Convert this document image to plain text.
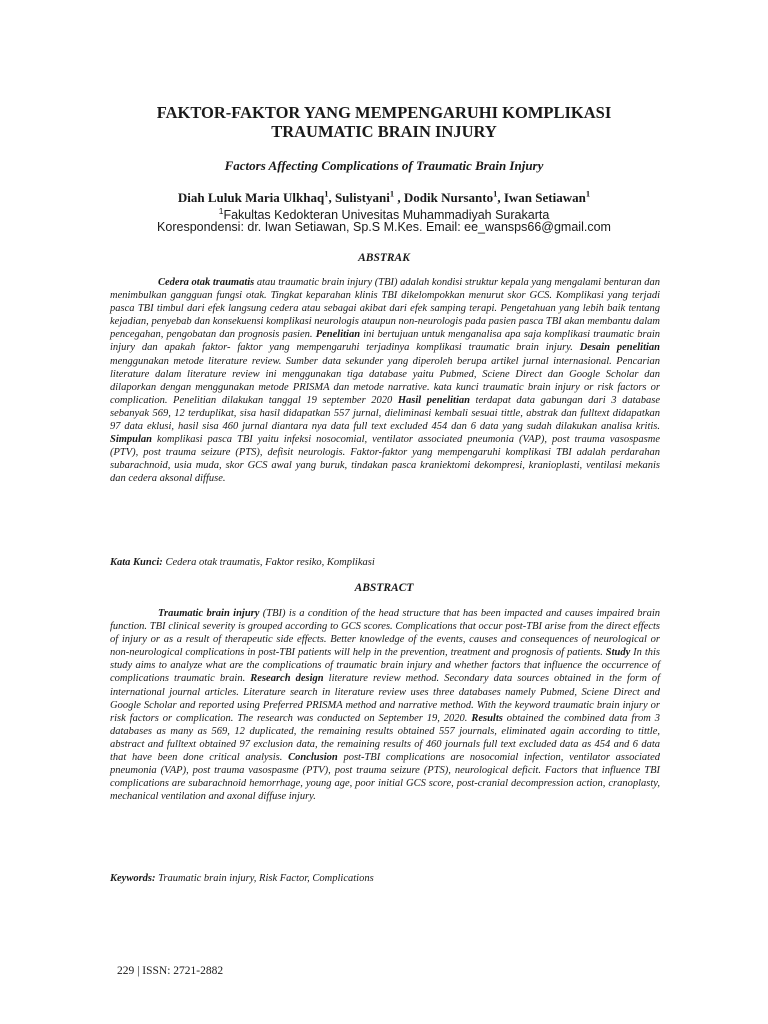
FAKTOR-FAKTOR YANG MEMPENGARUHI KOMPLIKASI
TRAUMATIC BRAIN INJURY

Factors Affecting Complications of Traumatic Brain Injury

Diah Luluk Maria Ulkhaq$^1$, Sulistyani$^1$ , Dodik Nursanto$^1$, Iwan Setiawan$^1$

$^1$Fakultas Kedokteran Univesitas Muhammadiyah Surakarta

Korespondensi: dr. Iwan Setiawan, Sp.S M.Kes. Email: ee_wansps66@gmail.com

ABSTRAK

Cedera otak traumatis atau traumatic brain injury (TBI) adalah kondisi struktur kepala yang mengalami benturan dan menimbulkan gangguan fungsi otak. Tingkat keparahan klinis TBI dikelompokkan menurut skor GCS. Komplikasi yang terjadi pasca TBI timbul dari efek langsung cedera atau sebagai akibat dari efek samping terapi. Pengetahuan yang lebih baik tentang kejadian, penyebab dan konsekuensi komplikasi neurologis ataupun non-neurologis pada pasien pasca TBI akan membantu dalam pencegahan, pengobatan dan prognosis pasien. Penelitian ini bertujuan untuk menganalisa apa saja komplikasi traumatic brain injury dan apakah faktor- faktor yang mempengaruhi terjadinya komplikasi traumatic brain injury. Desain penelitian menggunakan metode literature review. Sumber data sekunder yang diperoleh berupa artikel jurnal internasional. Pencarian literature dalam literature review ini menggunakan tiga database yaitu Pubmed, Sciene Direct dan Google Scholar dan dilaporkan dengan menggunakan metode PRISMA dan metode narrative. kata kunci traumatic brain injury or risk factors or complication. Penelitian dilakukan tanggal 19 september 2020 Hasil penelitian terdapat data gabungan dari 3 database sebanyak 569, 12 terduplikat, sisa hasil didapatkan 557 jurnal, dieliminasi kembali sesuai tittle, abstrak dan fulltext didapatkan 97 data eklusi, hasil sisa 460 jurnal diantara nya data full text excluded 454 dan 6 data yang sudah dilakukan analisa kritis. Simpulan komplikasi pasca TBI yaitu infeksi nosocomial, ventilator associated pneumonia (VAP), post trauma vasospasme (PTV), post trauma seizure (PTS), defisit neurologis. Faktor-faktor yang mempengaruhi komplikasi TBI adalah perdarahan subarachnoid, usia muda, skor GCS awal yang buruk, tindakan pasca kraniektomi dekompresi, kranioplasti, ventilasi mekanis dan cedera aksonal diffuse.

Kata Kunci: Cedera otak traumatis, Faktor resiko, Komplikasi

ABSTRACT

Traumatic brain injury (TBI) is a condition of the head structure that has been impacted and causes impaired brain function. TBI clinical severity is grouped according to GCS scores. Complications that occur post-TBI arise from the direct effects of injury or as a result of therapeutic side effects. Better knowledge of the events, causes and consequences of neurological or non-neurological complications in post-TBI patients will help in the prevention, treatment and prognosis of patients. Study In this study aims to analyze what are the complications of traumatic brain injury and whether factors that influence the occurrence of complications traumatic brain. Research design literature review method. Secondary data sources obtained in the form of international journal articles. Literature search in literature review uses three databases namely Pubmed, Sciene Direct and Google Scholar and reported using Preferred PRISMA method and narrative method. With the keyword traumatic brain injury or risk factors or complication. The research was conducted on September 19, 2020. Results obtained the combined data from 3 databases as many as 569, 12 duplicated, the remaining results obtained 557 journals, eliminated again according to tittle, abstract and fulltext obtained 97 exclusion data, the remaining results of 460 journals full text excluded data as 454 and 6 data that have been done critical analysis. Conclusion post-TBI complications are nosocomial infection, ventilator associated pneumonia (VAP), post trauma vasospasme (PTV), post trauma seizure (PTS), neurological deficit. Factors that influence TBI complications are subarachnoid hemorrhage, young age, poor initial GCS score, post-cranial decompression action, cranoplasty, mechanical ventilation and axonal diffuse injury.

Keywords: Traumatic brain injury, Risk Factor, Complications

229 | ISSN: 2721-2882
